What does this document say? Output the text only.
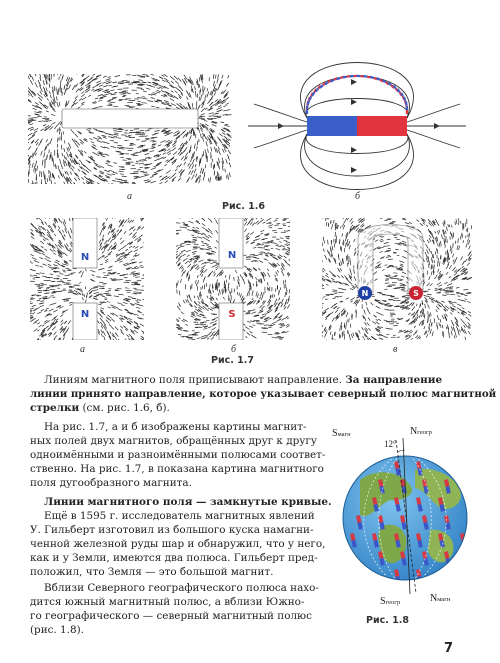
а	б
Рис. 1.6
N
N
а
N
S
б
N	S
в
Рис. 1.7
Линиям магнитного поля приписывают направление. За направление
линии принято направление, которое указывает северный полюс магнитной
стрелки (см. рис. 1.6, б).
На рис. 1.7, а и б изображены картины магнит-
ных полей двух магнитов, обращённых друг к другу
одноимёнными и разноимёнными полюсами соответ-
ственно. На рис. 1.7, в показана картина магнитного
поля дугообразного магнита.
Линии магнитного поля — замкнутые кривые.
Ещё в 1595 г. исследователь магнитных явлений
У. Гильберт изготовил из большого куска намагни-
ченной железной руды шар и обнаружил, что у него,
как и у Земли, имеются два полюса. Гильберт пред-
положил, что Земля — это большой магнит.
Вблизи Северного географического полюса нахо-
дится южный магнитный полюс, а вблизи Южно-
го географического — северный магнитный полюс
(рис. 1.8).
Sмагн	Nгеогр
12°
Sгеогр	Nмагн
Рис. 1.8
7
